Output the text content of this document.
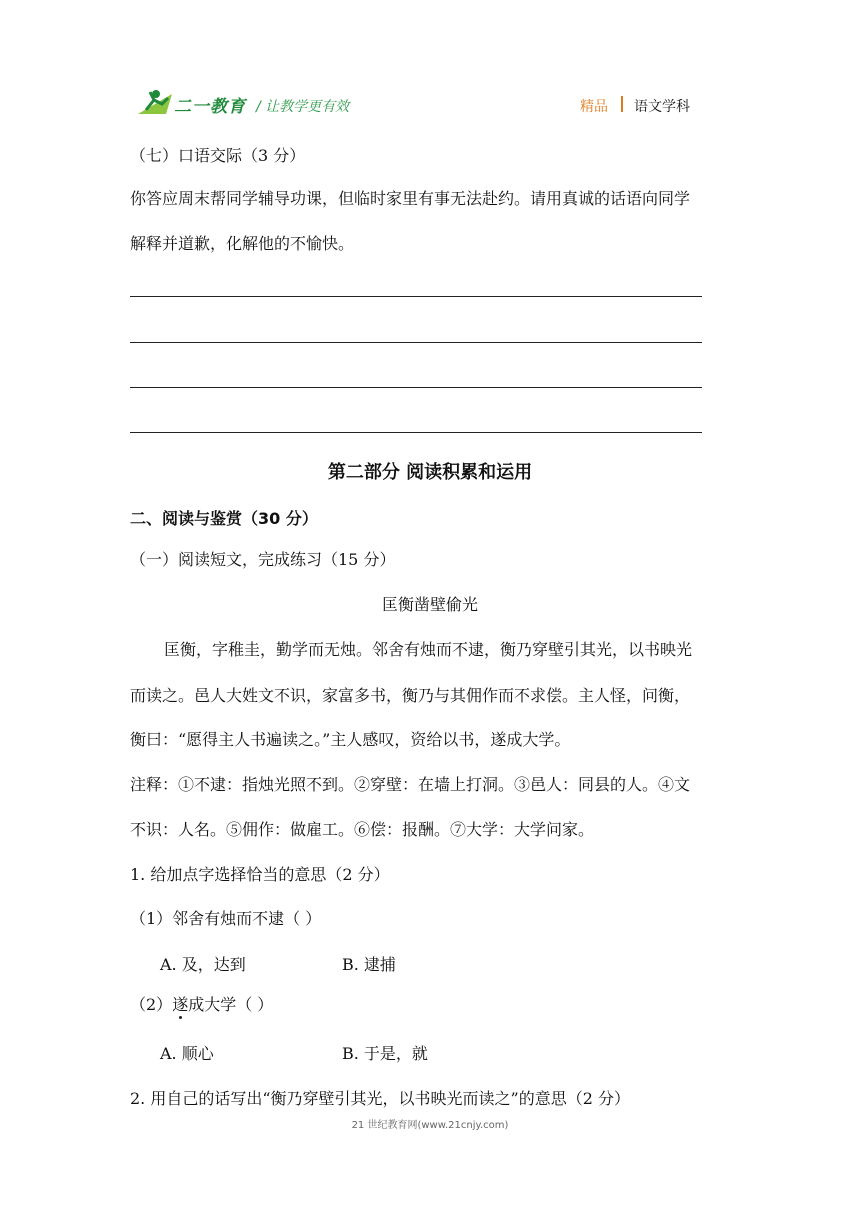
二一教育 / 让教学更有效	精品 语文学科
（七）口语交际（3 分）
你答应周末帮同学辅导功课，但临时家里有事无法赴约。请用真诚的话语向同学
解释并道歉，化解他的不愉快。
第二部分 阅读积累和运用
二、阅读与鉴赏（30 分）
（一）阅读短文，完成练习（15 分）
匡衡凿壁偷光
匡衡，字稚圭，勤学而无烛。邻舍有烛而不逮，衡乃穿壁引其光，以书映光
而读之。邑人大姓文不识，家富多书，衡乃与其佣作而不求偿。主人怪，问衡，
衡曰：“愿得主人书遍读之。”主人感叹，资给以书，遂成大学。
注释：①不逮：指烛光照不到。②穿壁：在墙上打洞。③邑人：同县的人。④文
不识：人名。⑤佣作：做雇工。⑥偿：报酬。⑦大学：大学问家。
1. 给加点字选择恰当的意思（2 分）
（1）邻舍有烛而不逮（ ）
A. 及，达到	B. 逮捕
（2）遂
成大学（ ）
A. 顺心	B. 于是，就
2. 用自己的话写出“衡乃穿壁引其光，以书映光而读之”的意思（2 分）
21 世纪教育网(www.21cnjy.com)
